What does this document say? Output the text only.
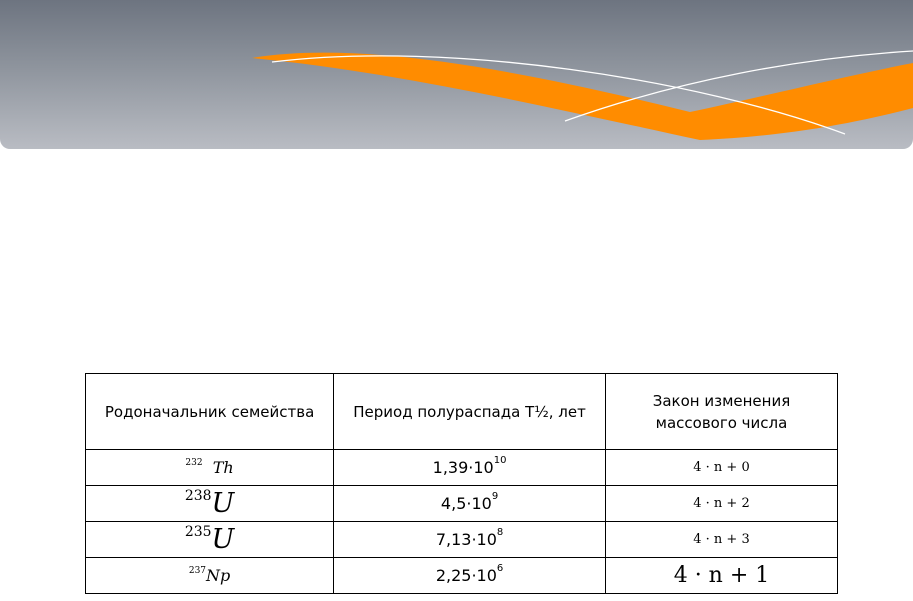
Родоначальник семейства	Период полураспада T½, лет	Закон изменения массового числа
$^{232}$ Th	$1,39\cdot 10^{10}$	4 · n + 0
238U	$4,5\cdot 10^9$	4 · n + 2
235U	$7,13\cdot 10^8$	4 · n + 3
$^{237}$Np	$2,25\cdot 10^6$	4 · n + 1
